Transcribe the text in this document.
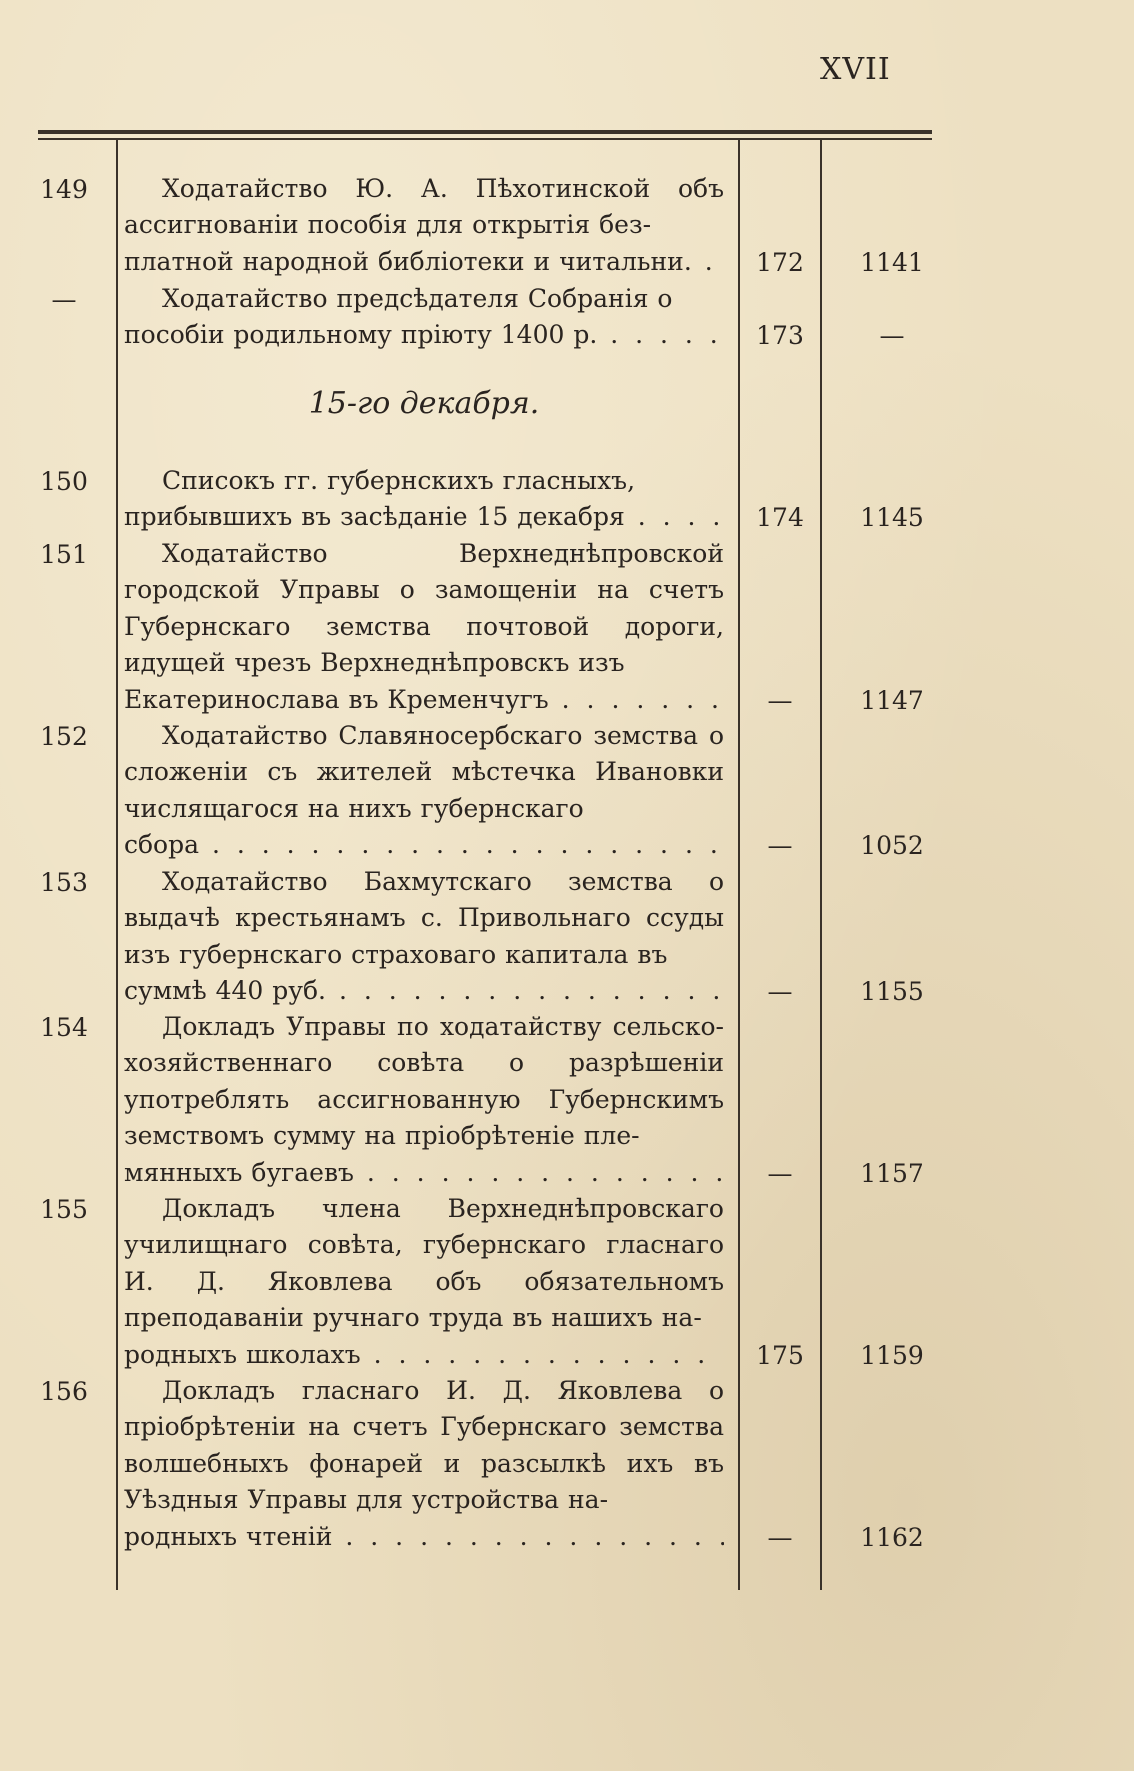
XVII
149	Ходатайство Ю. А. Пѣхотинской объ ассигнованіи пособія для открытія без-
платной народной библіотеки и читальни. . . .	172	1141
—	Ходатайство предсѣдателя Собранія о
пособіи родильному пріюту 1400 р. . . .	173	—
15-го декабря.
150	Списокъ гг. губернскихъ гласныхъ,
прибывшихъ въ засѣданіе 15 декабря . . .	174	1145
151	Ходатайство Верхнеднѣпровской городской Управы о замощеніи на счетъ Губернскаго земства почтовой дороги, идущей чрезъ Верхнеднѣпровскъ изъ
Екатеринослава въ Кременчугъ . . .	—	1147
152	Ходатайство Славяносербскаго земства о сложеніи съ жителей мѣстечка Ивановки числящагося на нихъ губернскаго
сбора . . .	—	1052
153	Ходатайство Бахмутскаго земства о выдачѣ крестьянамъ с. Привольнаго ссуды изъ губернскаго страховаго капитала въ
суммѣ 440 руб. . . .	—	1155
154	Докладъ Управы по ходатайству сельско-хозяйственнаго совѣта о разрѣшеніи употреблять ассигнованную Губернскимъ земствомъ сумму на пріобрѣтеніе пле-
мянныхъ бугаевъ . . .	—	1157
155	Докладъ члена Верхнеднѣпровскаго училищнаго совѣта, губернскаго гласнаго И. Д. Яковлева объ обязательномъ преподаваніи ручнаго труда въ нашихъ на-
родныхъ школахъ . . .	175	1159
156	Докладъ гласнаго И. Д. Яковлева о пріобрѣтеніи на счетъ Губернскаго земства волшебныхъ фонарей и разсылкѣ ихъ въ Уѣздныя Управы для устройства на-
родныхъ чтеній . . .	—	1162
